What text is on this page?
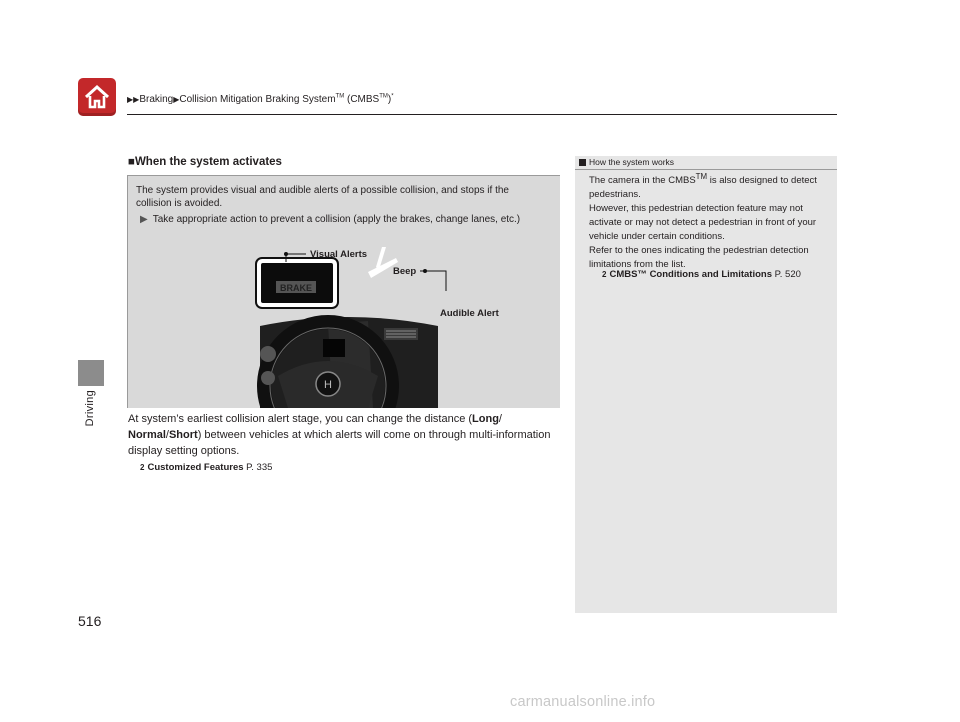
▶▶Braking▶Collision Mitigation Braking System™ (CMBS™)*
Driving
516
■When the system activates
The system provides visual and audible alerts of a possible collision, and stops if the collision is avoided.
▶ Take appropriate action to prevent a collision (apply the brakes, change lanes, etc.)
H
BRAKE
Visual Alerts
Beep
Audible Alert
At system’s earliest collision alert stage, you can change the distance (Long/ Normal/Short) between vehicles at which alerts will come on through multi-information display setting options.
2 Customized Features P. 335
How the system works
The camera in the CMBS™ is also designed to detect pedestrians.
However, this pedestrian detection feature may not activate or may not detect a pedestrian in front of your vehicle under certain conditions.
Refer to the ones indicating the pedestrian detection limitations from the list.
2 CMBS™ Conditions and Limitations P. 520
carmanualsonline.info
